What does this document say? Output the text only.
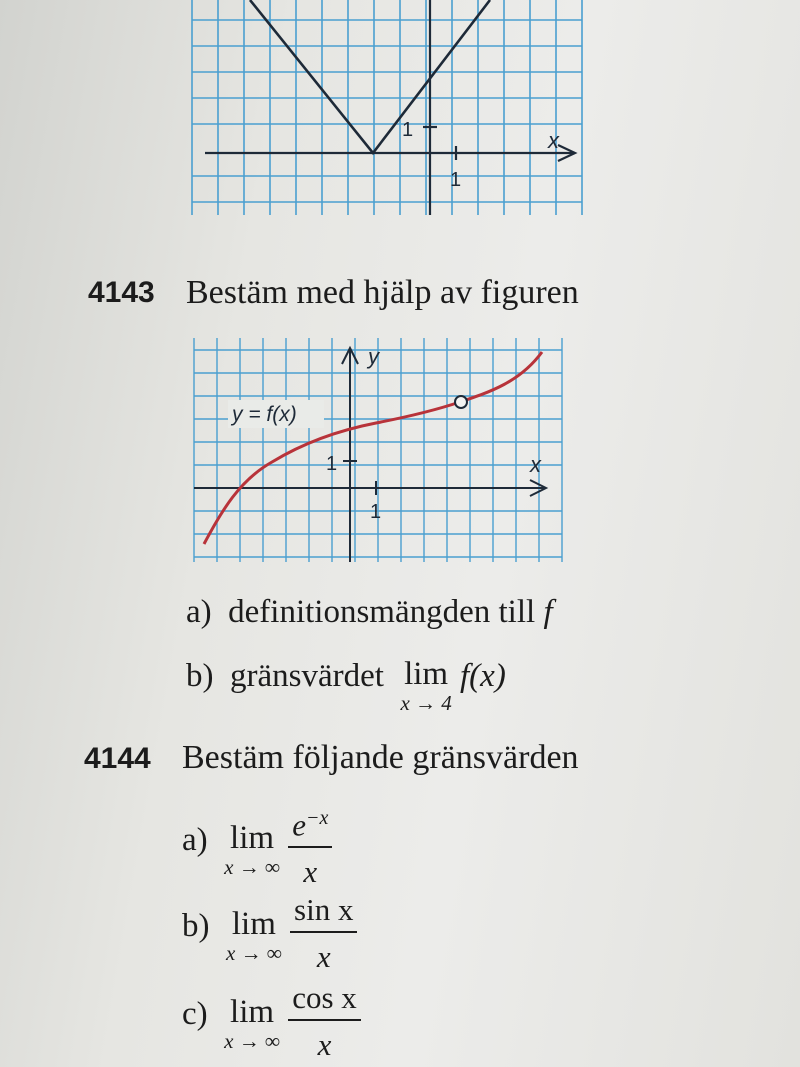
1
1
x
4143 Bestäm med hjälp av figuren
y = f(x)
y
x
1
1
a) definitionsmängden till f
b) gränsvärdet lim
x → 4
f(x)
4144 Bestäm följande gränsvärden
a) lim
x → ∞
$\frac{e^{-x}}{x}$
b) lim
x → ∞
$\frac{\text{sin x}}{x}$
c) lim
x → ∞
$\frac{\text{cos x}}{x}$
